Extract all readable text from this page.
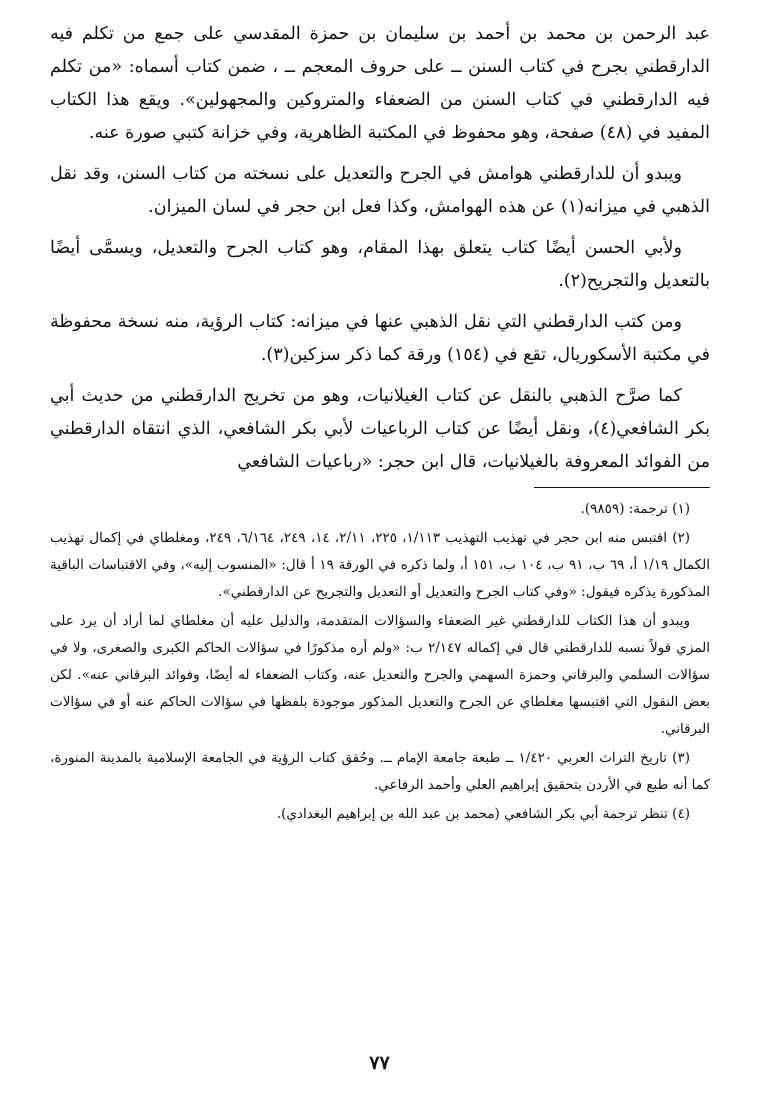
عبد الرحمن بن محمد بن أحمد بن سليمان بن حمزة المقدسي على جمع من تكلم فيه الدارقطني بجرح في كتاب السنن ــ على حروف المعجم ــ ، ضمن كتاب أسماه: «من تكلم فيه الدارقطني في كتاب السنن من الضعفاء والمتروكين والمجهولين». ويقع هذا الكتاب المفيد في (٤٨) صفحة، وهو محفوظ في المكتبة الظاهرية، وفي خزانة كتبي صورة عنه.

ويبدو أن للدارقطني هوامش في الجرح والتعديل على نسخته من كتاب السنن، وقد نقل الذهبي في ميزانه(١) عن هذه الهوامش، وكذا فعل ابن حجر في لسان الميزان.

ولأبي الحسن أيضًا كتاب يتعلق بهذا المقام، وهو كتاب الجرح والتعديل، ويسمَّى أيضًا بالتعديل والتجريح(٢).

ومن كتب الدارقطني التي نقل الذهبي عنها في ميزانه: كتاب الرؤية، منه نسخة محفوظة في مكتبة الأسكوريال، تقع في (١٥٤) ورقة كما ذكر سزكين(٣).

كما صرَّح الذهبي بالنقل عن كتاب الغيلانيات، وهو من تخريج الدارقطني من حديث أبي بكر الشافعي(٤)، ونقل أيضًا عن كتاب الرباعيات لأبي بكر الشافعي، الذي انتقاه الدارقطني من الفوائد المعروفة بالغيلانيات، قال ابن حجر: «رباعيات الشافعي

(١) ترجمة: (٩٨٥٩).

(٢) اقتبس منه ابن حجر في تهذيب التهذيب ١/١١٣، ٢٢٥، ٢/١١، ١٤، ٢٤٩، ٦/١٦٤، ٢٤٩، ومغلطاي في إكمال تهذيب الكمال ١/١٩ أ، ٦٩ ب، ٩١ ب، ١٠٤ ب، ١٥١ أ، ولما ذكره في الورقة ١٩ أ قال: «المنسوب إليه»، وفي الاقتباسات الباقية المذكورة يذكره فيقول: «وفي كتاب الجرح والتعديل أو التعديل والتجريح عن الدارقطني».

ويبدو أن هذا الكتاب للدارقطني غير الضعفاء والسؤالات المتقدمة، والدليل عليه أن مغلطاي لما أراد أن يرد على المزي قولاً نسبه للدارقطني قال في إكماله ٢/١٤٧ ب: «ولم أره مذكورًا في سؤالات الحاكم الكبرى والصغرى، ولا في سؤالات السلمي والبرقاني وحمزة السهمي والجرح والتعديل عنه، وكتاب الضعفاء له أيضًا، وفوائد البرقاني عنه». لكن بعض النقول التي اقتبسها مغلطاي عن الجرح والتعديل المذكور موجودة بلفظها في سؤالات الحاكم عنه أو في سؤالات البرقاني.

(٣) تاريخ التراث العربي ١/٤٢٠ ــ طبعة جامعة الإمام ــ. وحُقق كتاب الرؤية في الجامعة الإسلامية بالمدينة المنورة، كما أنه طبع في الأردن بتحقيق إبراهيم العلي وأحمد الرفاعي.

(٤) تنظر ترجمة أبي بكر الشافعي (محمد بن عبد الله بن إبراهيم البغدادي).

٧٧
